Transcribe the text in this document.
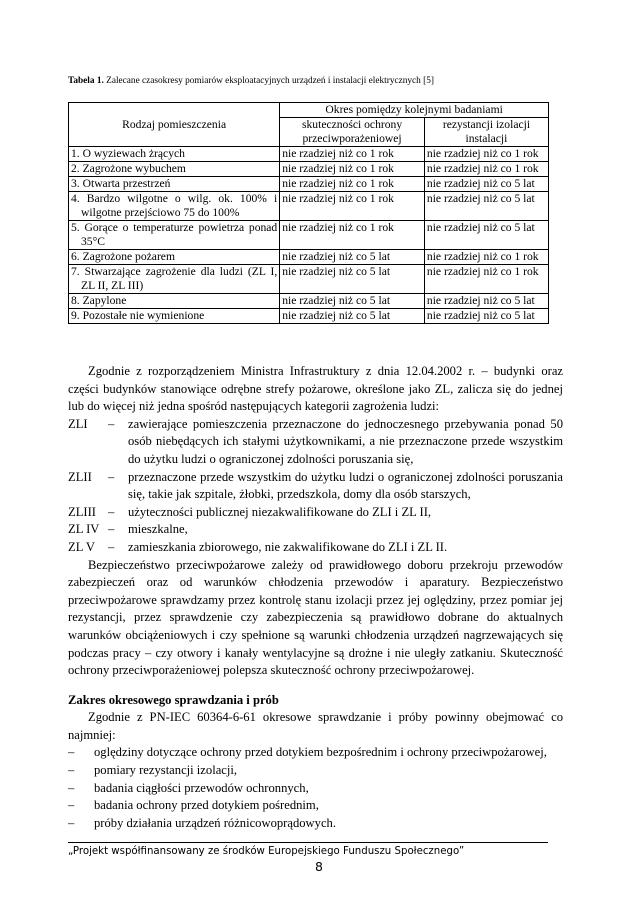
Tabela 1. Zalecane czasokresy pomiarów eksploatacyjnych urządzeń i instalacji elektrycznych [5]
Rodzaj pomieszczenia	Okres pomiędzy kolejnymi badaniami	
	skuteczności ochrony przeciwporażeniowej	rezystancji izolacji instalacji
1. O wyziewach żrących	nie rzadziej niż co 1 rok	nie rzadziej niż co 1 rok
2. Zagrożone wybuchem	nie rzadziej niż co 1 rok	nie rzadziej niż co 1 rok
3. Otwarta przestrzeń	nie rzadziej niż co 1 rok	nie rzadziej niż co 5 lat
4. Bardzo wilgotne o wilg. ok. 100% i wilgotne przejściowo 75 do 100%	nie rzadziej niż co 1 rok	nie rzadziej niż co 5 lat
5. Gorące o temperaturze powietrza ponad 35°C	nie rzadziej niż co 1 rok	nie rzadziej niż co 5 lat
6. Zagrożone pożarem	nie rzadziej niż co 5 lat	nie rzadziej niż co 1 rok
7. Stwarzające zagrożenie dla ludzi (ZL I, ZL II, ZL III)	nie rzadziej niż co 5 lat	nie rzadziej niż co 1 rok
8. Zapylone	nie rzadziej niż co 5 lat	nie rzadziej niż co 5 lat
9. Pozostałe nie wymienione	nie rzadziej niż co 5 lat	nie rzadziej niż co 5 lat

Zgodnie z rozporządzeniem Ministra Infrastruktury z dnia 12.04.2002 r. – budynki oraz części budynków stanowiące odrębne strefy pożarowe, określone jako ZL, zalicza się do jednej lub do więcej niż jedna spośród następujących kategorii zagrożenia ludzi:

ZLI	–	zawierające pomieszczenia przeznaczone do jednoczesnego przebywania ponad 50 osób niebędących ich stałymi użytkownikami, a nie przeznaczone przede wszystkim do użytku ludzi o ograniczonej zdolności poruszania się,
ZLII	–	przeznaczone przede wszystkim do użytku ludzi o ograniczonej zdolności poruszania się, takie jak szpitale, żłobki, przedszkola, domy dla osób starszych,
ZLIII –	użyteczności publicznej niezakwalifikowane do ZLI i ZL II,
ZL IV –	mieszkalne,
ZL V	–	zamieszkania zbiorowego, nie zakwalifikowane do ZLI i ZL II.

Bezpieczeństwo przeciwpożarowe zależy od prawidłowego doboru przekroju przewodów zabezpieczeń oraz od warunków chłodzenia przewodów i aparatury. Bezpieczeństwo przeciwpożarowe sprawdzamy przez kontrolę stanu izolacji przez jej oględziny, przez pomiar jej rezystancji, przez sprawdzenie czy zabezpieczenia są prawidłowo dobrane do aktualnych warunków obciążeniowych i czy spełnione są warunki chłodzenia urządzeń nagrzewających się podczas pracy – czy otwory i kanały wentylacyjne są drożne i nie uległy zatkaniu. Skuteczność ochrony przeciwporażeniowej polepsza skuteczność ochrony przeciwpożarowej.

Zakres okresowego sprawdzania i prób

Zgodnie z PN-IEC 60364-6-61 okresowe sprawdzanie i próby powinny obejmować co najmniej:

–	oględziny dotyczące ochrony przed dotykiem bezpośrednim i ochrony przeciwpożarowej,
–	pomiary rezystancji izolacji,
–	badania ciągłości przewodów ochronnych,
–	badania ochrony przed dotykiem pośrednim,
–	próby działania urządzeń różnicowoprądowych.
„Projekt współfinansowany ze środków Europejskiego Funduszu Społecznego”
8
